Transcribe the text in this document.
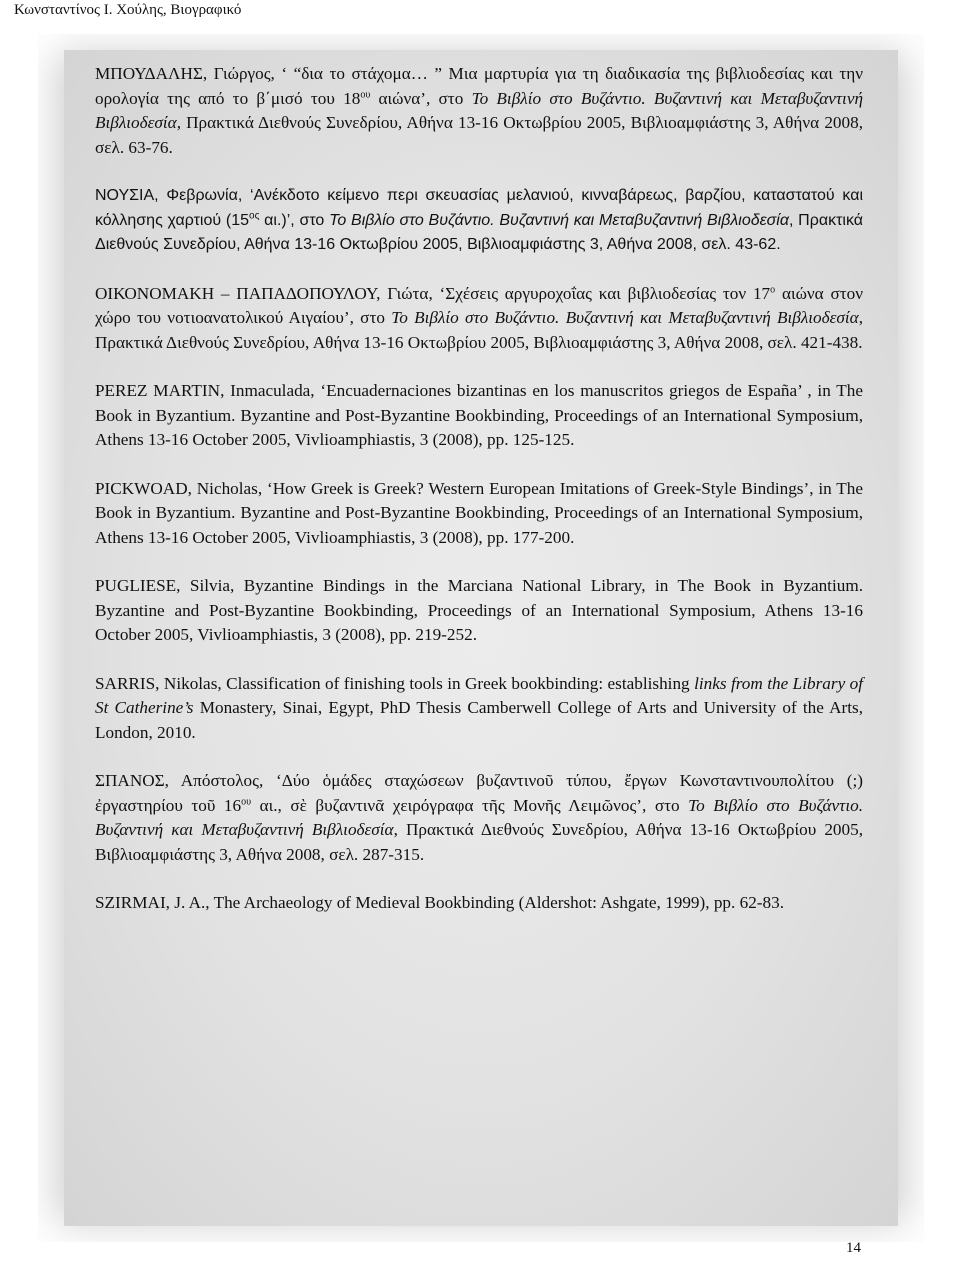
Κωνσταντίνος Ι. Χούλης, Βιογραφικό

ΜΠΟΥΔΑΛΗΣ, Γιώργος, ‘ “δια το στάχομα… ” Μια μαρτυρία για τη διαδικασία της βιβλιοδεσίας και την ορολογία της από το β΄μισό του $18^{o\upsilon}$ αιώνα’, στο Το Βιβλίο στο Βυζάντιο. Βυζαντινή και Μεταβυζαντινή Βιβλιοδεσία, Πρακτικά Διεθνούς Συνεδρίου, Αθήνα 13-16 Οκτωβρίου 2005, Βιβλιοαμφιάστης 3, Αθήνα 2008, σελ. 63-76.

ΝΟΥΣΙΑ, Φεβρωνία, ‘Ανέκδοτο κείμενο περι σκευασίας μελανιού, κινναβάρεως, βαρζίου, καταστατού και κόλλησης χαρτιού ($15^{o\varsigma}$ αι.)’, στο Το Βιβλίο στο Βυζάντιο. Βυζαντινή και Μεταβυζαντινή Βιβλιοδεσία, Πρακτικά Διεθνούς Συνεδρίου, Αθήνα 13-16 Οκτωβρίου 2005, Βιβλιοαμφιάστης 3, Αθήνα 2008, σελ. 43-62.

ΟΙΚΟΝΟΜΑΚΗ – ΠΑΠΑΔΟΠΟΥΛΟΥ, Γιώτα, ‘Σχέσεις αργυροχοΐας και βιβλιοδεσίας τον $17^o$ αιώνα στον χώρο του νοτιοανατολικού Αιγαίου’, στο Το Βιβλίο στο Βυζάντιο. Βυζαντινή και Μεταβυζαντινή Βιβλιοδεσία, Πρακτικά Διεθνούς Συνεδρίου, Αθήνα 13-16 Οκτωβρίου 2005, Βιβλιοαμφιάστης 3, Αθήνα 2008, σελ. 421-438.

PEREZ MARTIN, Inmaculada, ‘Encuadernaciones bizantinas en los manuscritos griegos de España’ , in The Book in Byzantium. Byzantine and Post-Byzantine Bookbinding, Proceedings of an International Symposium, Athens 13-16 October 2005, Vivlioamphiastis, 3 (2008), pp. 125-125.

PICKWOAD, Nicholas, ‘How Greek is Greek? Western European Imitations of Greek-Style Bindings’, in The Book in Byzantium. Byzantine and Post-Byzantine Bookbinding, Proceedings of an International Symposium, Athens 13-16 October 2005, Vivlioamphiastis, 3 (2008), pp. 177-200.

PUGLIESE, Silvia, Byzantine Bindings in the Marciana National Library, in The Book in Byzantium. Byzantine and Post-Byzantine Bookbinding, Proceedings of an International Symposium, Athens 13-16 October 2005, Vivlioamphiastis, 3 (2008), pp. 219-252.

SARRIS, Nikolas, Classification of finishing tools in Greek bookbinding: establishing links from the Library of St Catherine’s Monastery, Sinai, Egypt, PhD Thesis Camberwell College of Arts and University of the Arts, London, 2010.

ΣΠΑΝΟΣ, Απόστολος, ‘Δύο ὁμάδες σταχώσεων βυζαντινοῦ τύπου, ἔργων Κωνσταντινουπολίτου (;) ἐργαστηρίου τοῦ $16^{o\upsilon}$ αι., σὲ βυζαντινᾶ χειρόγραφα τῆς Μονῆς Λειμῶνος’, στο Το Βιβλίο στο Βυζάντιο. Βυζαντινή και Μεταβυζαντινή Βιβλιοδεσία, Πρακτικά Διεθνούς Συνεδρίου, Αθήνα 13-16 Οκτωβρίου 2005, Βιβλιοαμφιάστης 3, Αθήνα 2008, σελ. 287-315.

SZIRMAI, J. A., The Archaeology of Medieval Bookbinding (Aldershot: Ashgate, 1999), pp. 62-83.

14
